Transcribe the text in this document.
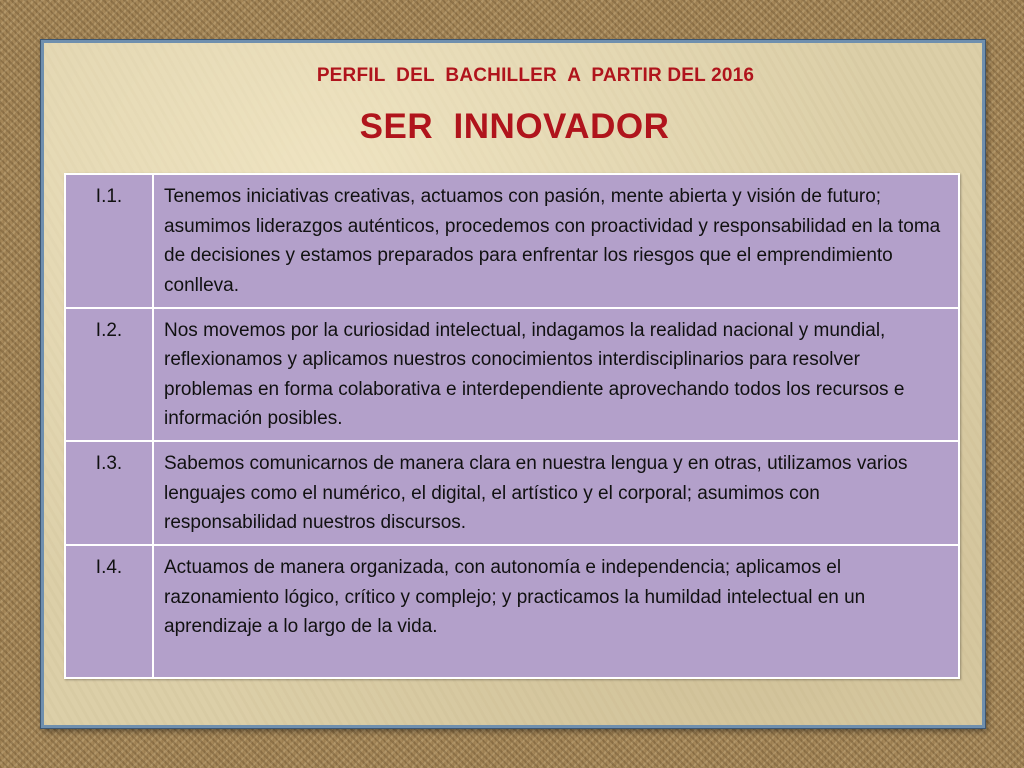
PERFIL  DEL  BACHILLER  A  PARTIR DEL 2016
SER  INNOVADOR
I.1.	Tenemos iniciativas creativas, actuamos con pasión, mente abierta y visión de futuro; asumimos liderazgos auténticos, procedemos con proactividad y responsabilidad en la toma de decisiones y estamos preparados para enfrentar los riesgos que el emprendimiento conlleva.
I.2.	Nos movemos por la curiosidad intelectual, indagamos la realidad nacional y mundial, reflexionamos y aplicamos nuestros conocimientos interdisciplinarios para resolver problemas en forma colaborativa e interdependiente aprovechando todos los recursos e información posibles.
I.3.	Sabemos comunicarnos de manera clara en nuestra lengua y en otras, utilizamos varios lenguajes como el numérico, el digital, el artístico y el corporal; asumimos con responsabilidad nuestros discursos.
I.4.	Actuamos de manera organizada, con autonomía e independencia; aplicamos el razonamiento lógico, crítico y complejo; y practicamos la humildad intelectual en un aprendizaje a lo largo de la vida.
